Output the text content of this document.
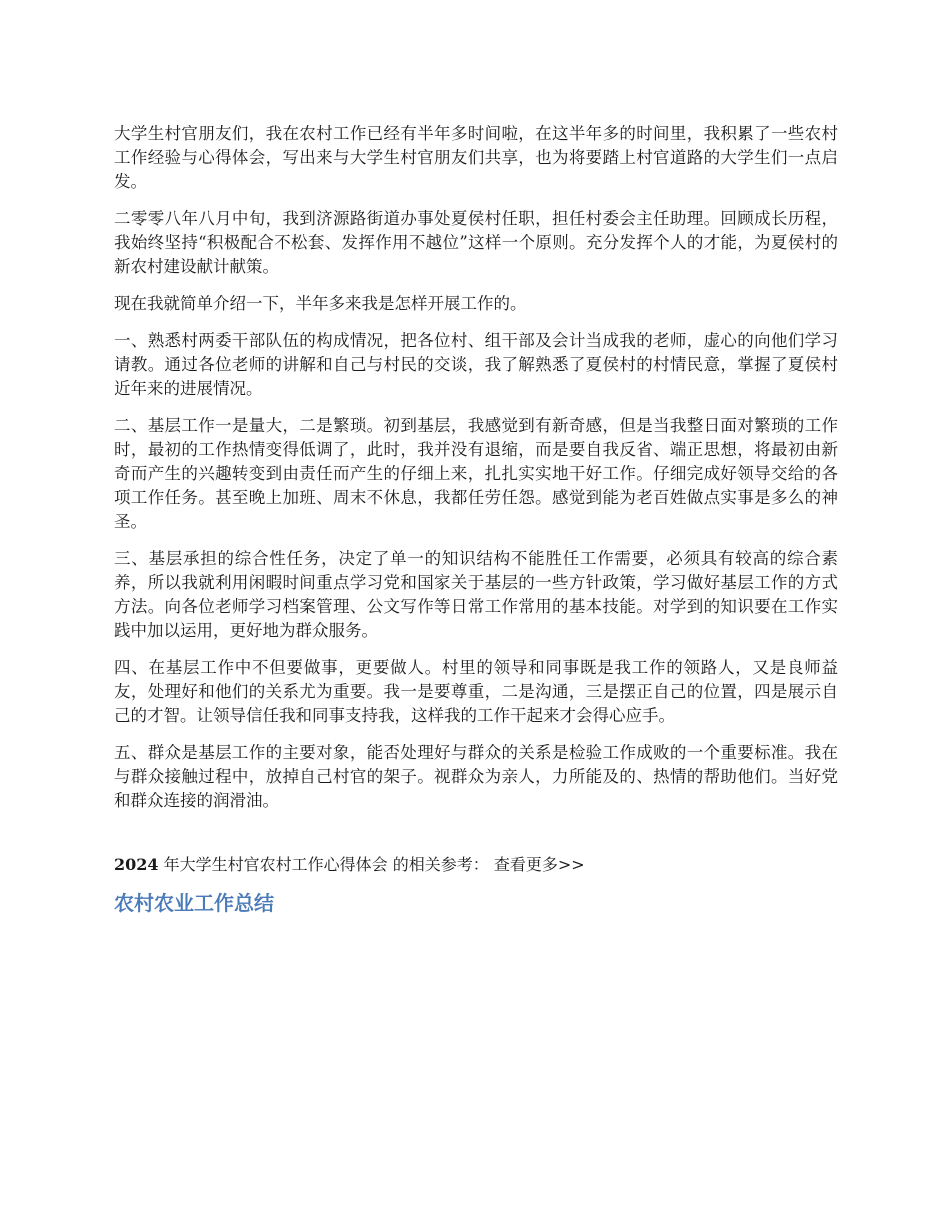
大学生村官朋友们，我在农村工作已经有半年多时间啦，在这半年多的时间里，我积累了一些农村工作经验与心得体会，写出来与大学生村官朋友们共享，也为将要踏上村官道路的大学生们一点启发。

二零零八年八月中旬，我到济源路街道办事处夏侯村任职，担任村委会主任助理。回顾成长历程，我始终坚持“积极配合不松套、发挥作用不越位”这样一个原则。充分发挥个人的才能，为夏侯村的新农村建设献计献策。

现在我就简单介绍一下，半年多来我是怎样开展工作的。

一、熟悉村两委干部队伍的构成情况，把各位村、组干部及会计当成我的老师，虚心的向他们学习请教。通过各位老师的讲解和自己与村民的交谈，我了解熟悉了夏侯村的村情民意，掌握了夏侯村近年来的进展情况。

二、基层工作一是量大，二是繁琐。初到基层，我感觉到有新奇感，但是当我整日面对繁琐的工作时，最初的工作热情变得低调了，此时，我并没有退缩，而是要自我反省、端正思想，将最初由新奇而产生的兴趣转变到由责任而产生的仔细上来，扎扎实实地干好工作。仔细完成好领导交给的各项工作任务。甚至晚上加班、周末不休息，我都任劳任怨。感觉到能为老百姓做点实事是多么的神圣。

三、基层承担的综合性任务，决定了单一的知识结构不能胜任工作需要，必须具有较高的综合素养，所以我就利用闲暇时间重点学习党和国家关于基层的一些方针政策，学习做好基层工作的方式方法。向各位老师学习档案管理、公文写作等日常工作常用的基本技能。对学到的知识要在工作实践中加以运用，更好地为群众服务。

四、在基层工作中不但要做事，更要做人。村里的领导和同事既是我工作的领路人，又是良师益友，处理好和他们的关系尤为重要。我一是要尊重，二是沟通，三是摆正自己的位置，四是展示自己的才智。让领导信任我和同事支持我，这样我的工作干起来才会得心应手。

五、群众是基层工作的主要对象，能否处理好与群众的关系是检验工作成败的一个重要标准。我在与群众接触过程中，放掉自己村官的架子。视群众为亲人，力所能及的、热情的帮助他们。当好党和群众连接的润滑油。

2024 年大学生村官农村工作心得体会 的相关参考： 查看更多>>
农村农业工作总结
